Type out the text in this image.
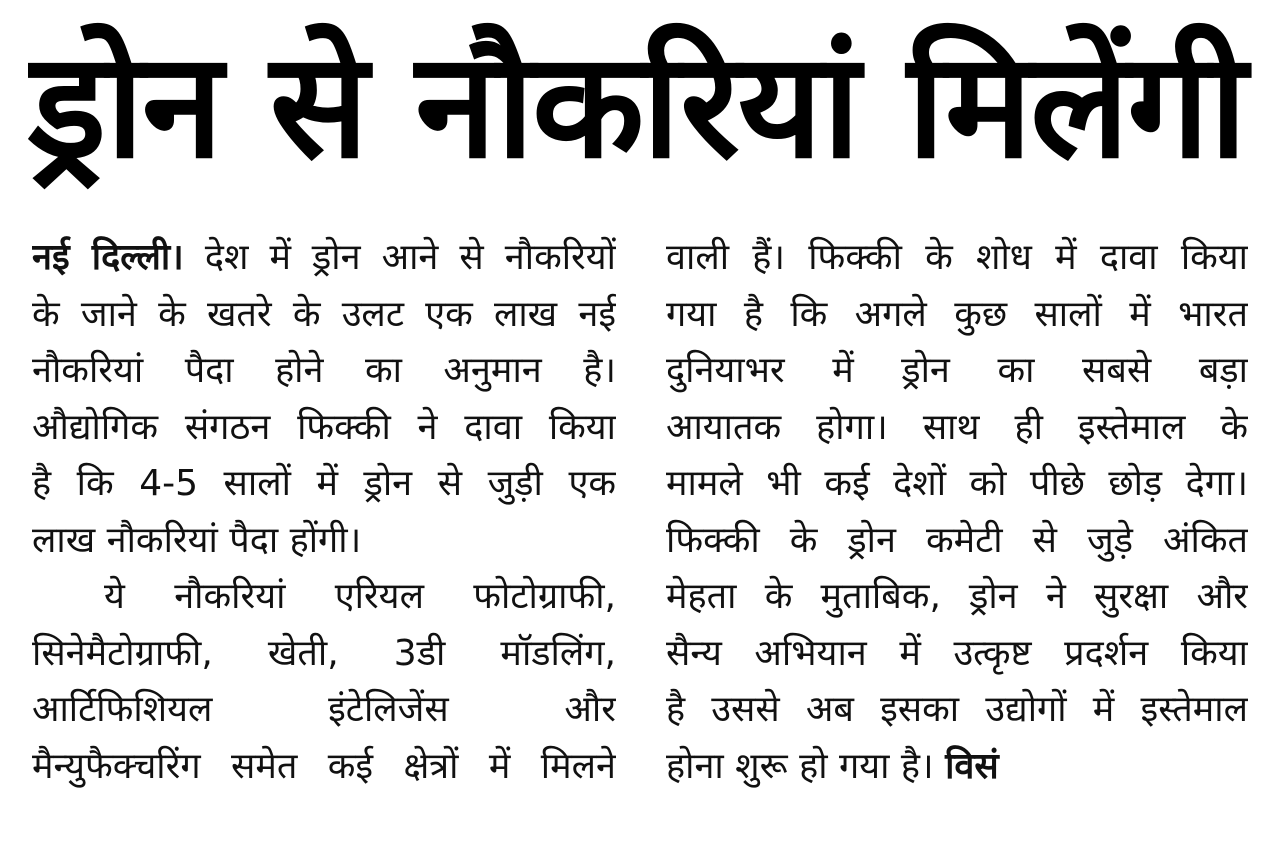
ड्रोन से नौकरियां मिलेंगी
नई दिल्ली। देश में ड्रोन आने से नौकरियों
के जाने के खतरे के उलट एक लाख नई
नौकरियां पैदा होने का अनुमान है।
औद्योगिक संगठन फिक्की ने दावा किया
है कि 4-5 सालों में ड्रोन से जुड़ी एक
लाख नौकरियां पैदा होंगी।
ये नौकरियां एरियल फोटोग्राफी,
सिनेमैटोग्राफी, खेती, 3डी मॉडलिंग,
आर्टिफिशियल इंटेलिजेंस और
मैन्युफैक्चरिंग समेत कई क्षेत्रों में मिलने
वाली हैं। फिक्की के शोध में दावा किया
गया है कि अगले कुछ सालों में भारत
दुनियाभर में ड्रोन का सबसे बड़ा
आयातक होगा। साथ ही इस्तेमाल के
मामले भी कई देशों को पीछे छोड़ देगा।
फिक्की के ड्रोन कमेटी से जुड़े अंकित
मेहता के मुताबिक, ड्रोन ने सुरक्षा और
सैन्य अभियान में उत्कृष्ट प्रदर्शन किया
है उससे अब इसका उद्योगों में इस्तेमाल
होना शुरू हो गया है। विसं
